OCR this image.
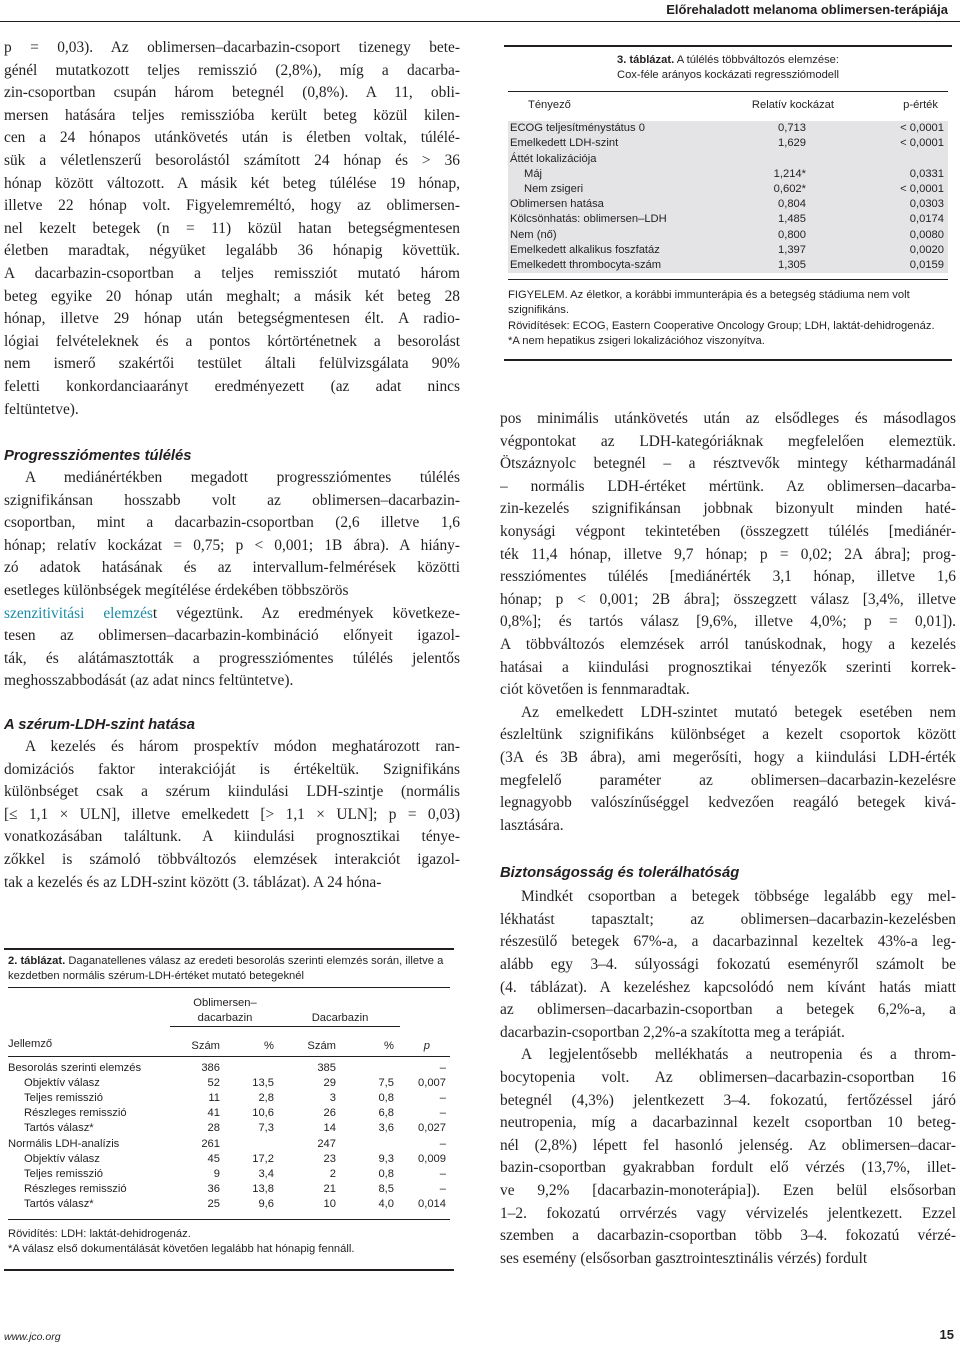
Előrehaladott melanoma oblimersen-terápiája
p = 0,03). Az oblimersen–dacarbazin-csoport tizenegy bete-
génél mutatkozott teljes remisszió (2,8%), míg a dacarba-
zin-csoportban csupán három betegnél (0,8%). A 11, obli-
mersen hatására teljes remisszióba került beteg közül kilen-
cen a 24 hónapos utánkövetés után is életben voltak, túlélé-
sük a véletlenszerű besorolástól számított 24 hónap és > 36
hónap között változott. A másik két beteg túlélése 19 hónap,
illetve 22 hónap volt. Figyelemreméltó, hogy az oblimersen-
nel kezelt betegek (n = 11) közül hatan betegségmentesen
életben maradtak, négyüket legalább 36 hónapig követtük.
A dacarbazin-csoportban a teljes remissziót mutató három
beteg egyike 20 hónap után meghalt; a másik két beteg 28
hónap, illetve 29 hónap után betegségmentesen élt. A radio-
lógiai felvételeknek és a pontos kórtörténetnek a besorolást
nem ismerő szakértői testület általi felülvizsgálata 90%
feletti konkordanciaarányt eredményezett (az adat nincs
feltüntetve).
Progressziómentes túlélés
A mediánértékben megadott progressziómentes túlélés
szignifikánsan hosszabb volt az oblimersen–dacarbazin-
csoportban, mint a dacarbazin-csoportban (2,6 illetve 1,6
hónap; relatív kockázat = 0,75; p < 0,001; 1B ábra). A hiány-
zó adatok hatásának és az intervallum-felmérések közötti
esetleges különbségek megítélése érdekében többszörös
szenzitivitási elemzést végeztünk. Az eredmények következe-
tesen az oblimersen–dacarbazin-kombináció előnyeit igazol-
ták, és alátámasztották a progressziómentes túlélés jelentős
meghosszabbodását (az adat nincs feltüntetve).
A szérum-LDH-szint hatása
A kezelés és három prospektív módon meghatározott ran-
domizációs faktor interakcióját is értékeltük. Szignifikáns
különbséget csak a szérum kiindulási LDH-szintje (normális
[≤ 1,1 × ULN], illetve emelkedett [> 1,1 × ULN]; p = 0,03)
vonatkozásában találtunk. A kiindulási prognosztikai ténye-
zőkkel is számoló többváltozós elemzések interakciót igazol-
tak a kezelés és az LDH-szint között (3. táblázat). A 24 hóna-
2. táblázat. Daganatellenes válasz az eredeti besorolás szerinti elemzés során, illetve a kezdetben normális szérum-LDH-értéket mutató betegeknél

	Oblimersen–
dacarbazin		Dacarbazin		

Jellemző	Szám	%	Szám	%	p
Besorolás szerinti elemzés	386		385		–
Objektív válasz	52	13,5	29	7,5	0,007
Teljes remisszió	11	2,8	3	0,8	–
Részleges remisszió	41	10,6	26	6,8	–
Tartós válasz*	28	7,3	14	3,6	0,027
Normális LDH-analízis	261		247		–
Objektív válasz	45	17,2	23	9,3	0,009
Teljes remisszió	9	3,4	2	0,8	–
Részleges remisszió	36	13,8	21	8,5	–
Tartós válasz*	25	9,6	10	4,0	0,014
Rövidítés: LDH: laktát-dehidrogenáz.
*A válasz első dokumentálását követően legalább hat hónapig fennáll.
3. táblázat. A túlélés többváltozós elemzése:
Cox-féle arányos kockázati regressziómodell
Tényező	Relatív kockázat	p-érték
ECOG teljesítménystátus 0	0,713	< 0,0001
Emelkedett LDH-szint	1,629	< 0,0001
Áttét lokalizációja		
Máj	1,214*	0,0331
Nem zsigeri	0,602*	< 0,0001
Oblimersen hatása	0,804	0,0303
Kölcsönhatás: oblimersen–LDH	1,485	0,0174
Nem (nő)	0,800	0,0080
Emelkedett alkalikus foszfatáz	1,397	0,0020
Emelkedett thrombocyta-szám	1,305	0,0159
FIGYELEM. Az életkor, a korábbi immunterápia és a betegség stádiuma nem volt szignifikáns.
Rövidítések: ECOG, Eastern Cooperative Oncology Group; LDH, laktát-dehidrogenáz.
*A nem hepatikus zsigeri lokalizációhoz viszonyítva.
pos minimális utánkövetés után az elsődleges és másodlagos
végpontokat az LDH-kategóriáknak megfelelően elemeztük.
Ötszáznyolc betegnél – a résztvevők mintegy kétharmadánál
– normális LDH-értéket mértünk. Az oblimersen–dacarba-
zin-kezelés szignifikánsan jobbnak bizonyult minden haté-
konysági végpont tekintetében (összegzett túlélés [mediánér-
ték 11,4 hónap, illetve 9,7 hónap; p = 0,02; 2A ábra]; prog-
ressziómentes túlélés [mediánérték 3,1 hónap, illetve 1,6
hónap; p < 0,001; 2B ábra]; összegzett válasz [3,4%, illetve
0,8%]; és tartós válasz [9,6%, illetve 4,0%; p = 0,01]).
A többváltozós elemzések arról tanúskodnak, hogy a kezelés
hatásai a kiindulási prognosztikai tényezők szerinti korrek-
ciót követően is fennmaradtak.
Az emelkedett LDH-szintet mutató betegek esetében nem
észleltünk szignifikáns különbséget a kezelt csoportok között
(3A és 3B ábra), ami megerősíti, hogy a kiindulási LDH-érték
megfelelő paraméter az oblimersen–dacarbazin-kezelésre
legnagyobb valószínűséggel kedvezően reagáló betegek kivá-
lasztására.
Biztonságosság és tolerálhatóság
Mindkét csoportban a betegek többsége legalább egy mel-
lékhatást tapasztalt; az oblimersen–dacarbazin-kezelésben
részesülő betegek 67%-a, a dacarbazinnal kezeltek 43%-a leg-
alább egy 3–4. súlyossági fokozatú eseményről számolt be
(4. táblázat). A kezeléshez kapcsolódó nem kívánt hatás miatt
az oblimersen–dacarbazin-csoportban a betegek 6,2%-a, a
dacarbazin-csoportban 2,2%-a szakította meg a terápiát.
A legjelentősebb mellékhatás a neutropenia és a throm-
bocytopenia volt. Az oblimersen–dacarbazin-csoportban 16
betegnél (4,3%) jelentkezett 3–4. fokozatú, fertőzéssel járó
neutropenia, míg a dacarbazinnal kezelt csoportban 10 beteg-
nél (2,8%) lépett fel hasonló jelenség. Az oblimersen–dacar-
bazin-csoportban gyakrabban fordult elő vérzés (13,7%, illet-
ve 9,2% [dacarbazin-monoterápia]). Ezen belül elsősorban
1–2. fokozatú orrvérzés vagy vérvizelés jelentkezett. Ezzel
szemben a dacarbazin-csoportban több 3–4. fokozatú vérzé-
ses esemény (elsősorban gasztrointesztinális vérzés) fordult
www.jco.org	15
